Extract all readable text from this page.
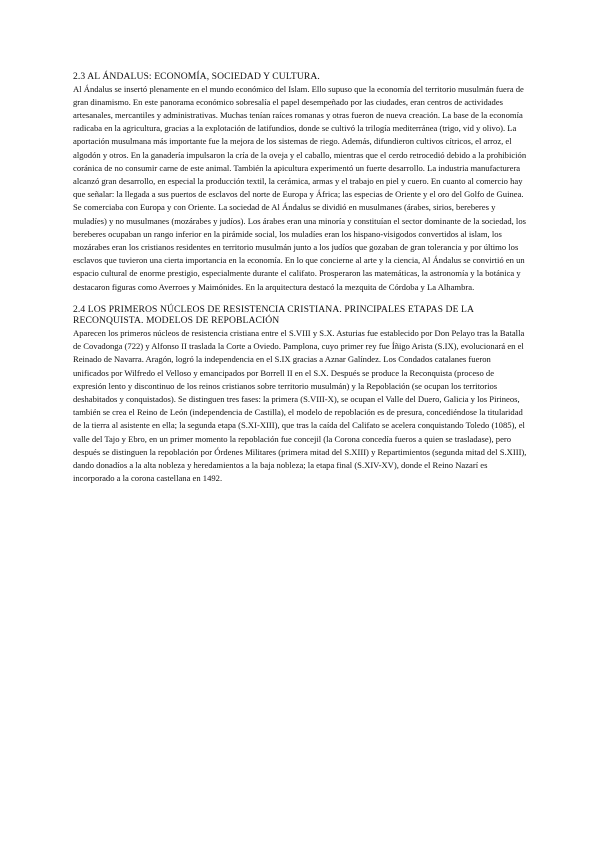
2.3 AL ÁNDALUS: ECONOMÍA, SOCIEDAD Y CULTURA.

Al Ándalus se insertó plenamente en el mundo económico del Islam. Ello supuso que la economía del territorio musulmán fuera de gran dinamismo. En este panorama económico sobresalía el papel desempeñado por las ciudades, eran centros de actividades artesanales, mercantiles y administrativas. Muchas tenían raíces romanas y otras fueron de nueva creación. La base de la economía radicaba en la agricultura, gracias a la explotación de latifundios, donde se cultivó la trilogía mediterránea (trigo, vid y olivo). La aportación musulmana más importante fue la mejora de los sistemas de riego. Además, difundieron cultivos cítricos, el arroz, el algodón y otros. En la ganadería impulsaron la cría de la oveja y el caballo, mientras que el cerdo retrocedió debido a la prohibición coránica de no consumir carne de este animal. También la apicultura experimentó un fuerte desarrollo. La industria manufacturera alcanzó gran desarrollo, en especial la producción textil, la cerámica, armas y el trabajo en piel y cuero. En cuanto al comercio hay que señalar: la llegada a sus puertos de esclavos del norte de Europa y África; las especias de Oriente y el oro del Golfo de Guinea. Se comerciaba con Europa y con Oriente. La sociedad de Al Ándalus se dividió en musulmanes (árabes, sirios, bereberes y muladíes) y no musulmanes (mozárabes y judíos). Los árabes eran una minoría y constituían el sector dominante de la sociedad, los bereberes ocupaban un rango inferior en la pirámide social, los muladíes eran los hispano-visigodos convertidos al islam, los mozárabes eran los cristianos residentes en territorio musulmán junto a los judíos que gozaban de gran tolerancia y por último los esclavos que tuvieron una cierta importancia en la economía. En lo que concierne al arte y la ciencia, Al Ándalus se convirtió en un espacio cultural de enorme prestigio, especialmente durante el califato. Prosperaron las matemáticas, la astronomía y la botánica y destacaron figuras como Averroes y Maimónides. En la arquitectura destacó la mezquita de Córdoba y La Alhambra.

2.4 LOS PRIMEROS NÚCLEOS DE RESISTENCIA CRISTIANA. PRINCIPALES ETAPAS DE LA RECONQUISTA. MODELOS DE REPOBLACIÓN

Aparecen los primeros núcleos de resistencia cristiana entre el S.VIII y S.X. Asturias fue establecido por Don Pelayo tras la Batalla de Covadonga (722) y Alfonso II traslada la Corte a Oviedo. Pamplona, cuyo primer rey fue Íñigo Arista (S.IX), evolucionará en el Reinado de Navarra. Aragón, logró la independencia en el S.IX gracias a Aznar Galíndez. Los Condados catalanes fueron unificados por Wilfredo el Velloso y emancipados por Borrell II en el S.X. Después se produce la Reconquista (proceso de expresión lento y discontinuo de los reinos cristianos sobre territorio musulmán) y la Repoblación (se ocupan los territorios deshabitados y conquistados). Se distinguen tres fases: la primera (S.VIII-X), se ocupan el Valle del Duero, Galicia y los Pirineos, también se crea el Reino de León (independencia de Castilla), el modelo de repoblación es de presura, concediéndose la titularidad de la tierra al asistente en ella; la segunda etapa (S.XI-XIII), que tras la caída del Califato se acelera conquistando Toledo (1085), el valle del Tajo y Ebro, en un primer momento la repoblación fue concejil (la Corona concedía fueros a quien se trasladase), pero después se distinguen la repoblación por Órdenes Militares (primera mitad del S.XIII) y Repartimientos (segunda mitad del S.XIII), dando donadíos a la alta nobleza y heredamientos a la baja nobleza; la etapa final (S.XIV-XV), donde el Reino Nazarí es incorporado a la corona castellana en 1492.
